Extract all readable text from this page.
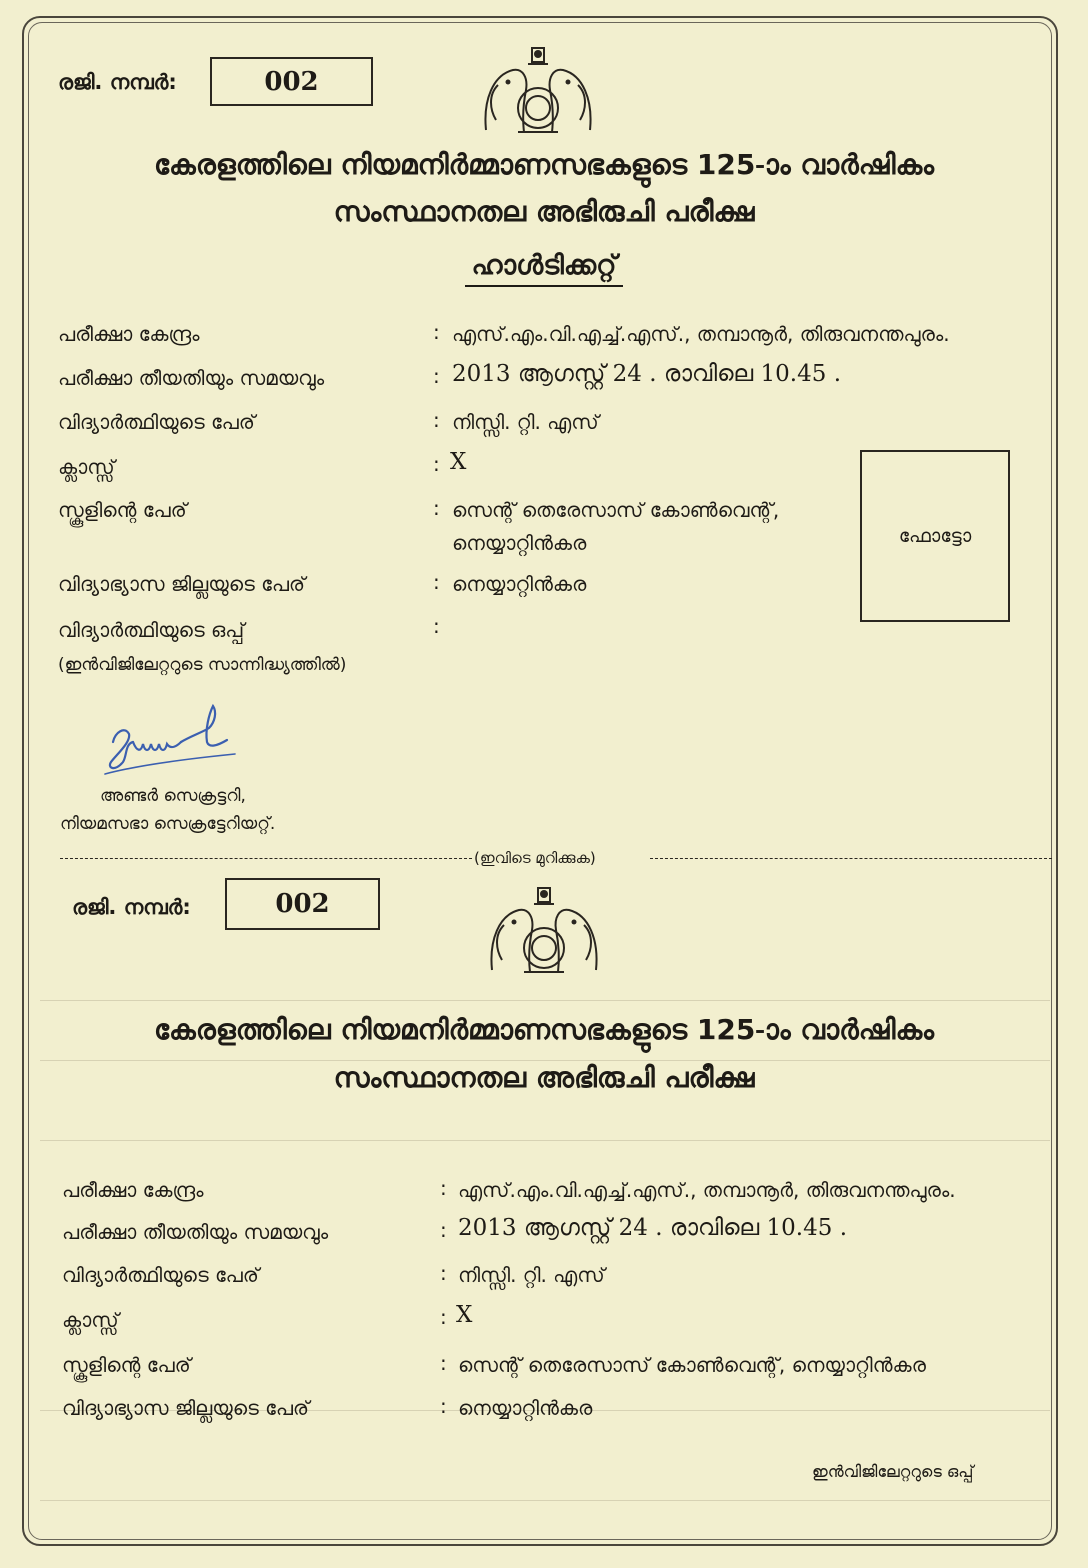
രജി. നമ്പർ:	002
കേരളത്തിലെ നിയമനിർമ്മാണസഭകളുടെ 125-ാം വാർഷികം
സംസ്ഥാനതല അഭിരുചി പരീക്ഷ
ഹാൾടിക്കറ്റ്
പരീക്ഷാ കേന്ദ്രം	: എസ്.എം.വി.എച്ച്.എസ്., തമ്പാനൂർ, തിരുവനന്തപുരം.
പരീക്ഷാ തീയതിയും സമയവും	: 2013 ആഗസ്റ്റ് 24 . രാവിലെ 10.45 .
വിദ്യാർത്ഥിയുടെ പേര്	: നിസ്സി. റ്റി. എസ്
ക്ലാസ്സ്	: X
സ്കൂളിന്റെ പേര്	: സെന്റ് തെരേസാസ് കോൺവെന്റ്,
നെയ്യാറ്റിൻകര
വിദ്യാഭ്യാസ ജില്ലയുടെ പേര്	: നെയ്യാറ്റിൻകര
വിദ്യാർത്ഥിയുടെ ഒപ്പ്	:
(ഇൻവിജിലേറ്ററുടെ സാന്നിദ്ധ്യത്തിൽ)
ഫോട്ടോ
അണ്ടർ സെക്രട്ടറി,
നിയമസഭാ സെക്രട്ടേറിയറ്റ്.
(ഇവിടെ മുറിക്കുക)
രജി. നമ്പർ:	002
കേരളത്തിലെ നിയമനിർമ്മാണസഭകളുടെ 125-ാം വാർഷികം
സംസ്ഥാനതല അഭിരുചി പരീക്ഷ
പരീക്ഷാ കേന്ദ്രം	: എസ്.എം.വി.എച്ച്.എസ്., തമ്പാനൂർ, തിരുവനന്തപുരം.
പരീക്ഷാ തീയതിയും സമയവും	: 2013 ആഗസ്റ്റ് 24 . രാവിലെ 10.45 .
വിദ്യാർത്ഥിയുടെ പേര്	: നിസ്സി. റ്റി. എസ്
ക്ലാസ്സ്	: X
സ്കൂളിന്റെ പേര്	: സെന്റ് തെരേസാസ് കോൺവെന്റ്, നെയ്യാറ്റിൻകര
വിദ്യാഭ്യാസ ജില്ലയുടെ പേര്	: നെയ്യാറ്റിൻകര
ഇൻവിജിലേറ്ററുടെ ഒപ്പ്
